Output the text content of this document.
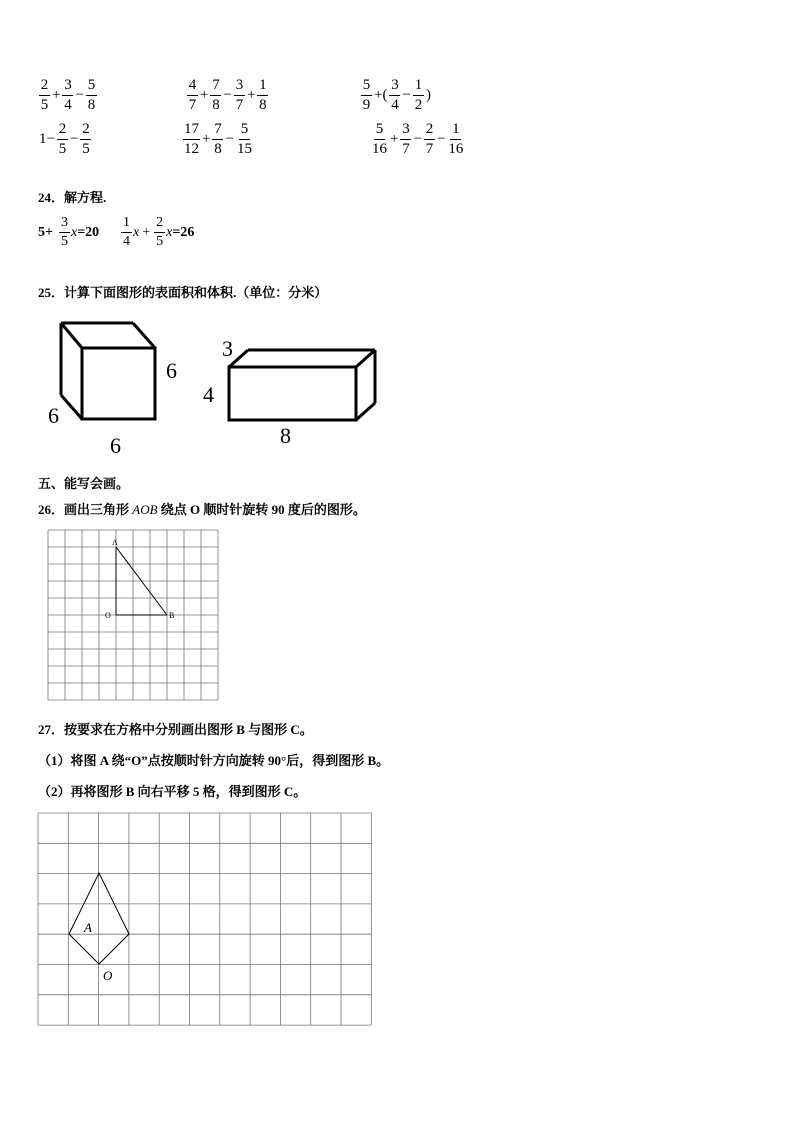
$\frac{2}{5} + \frac{3}{4} - \frac{5}{8}$	$\frac{4}{7} + \frac{7}{8} - \frac{3}{7} + \frac{1}{8}$	$\frac{5}{9}$ +( $\frac{3}{4} - \frac{1}{2}$ )
$1- \frac{2}{5} - \frac{2}{5}$	$\frac{17}{12} + \frac{7}{8} - \frac{5}{15}$	$\frac{5}{16} + \frac{3}{7} - \frac{2}{7} - \frac{1}{16}$
24．解方程.
$5+ \frac{3}{5}$ $x =20 \frac{1}{4}$ $x + \frac{2}{5}$ x =26
25．计算下面图形的表面积和体积.（单位：分米）
6
6
6
3
4
8
五、能写会画。
26．画出三角形 AOB 绕点 O 顺时针旋转 90 度后的图形。
A
O	B
27．按要求在方格中分别画出图形 B 与图形 C。
（1）将图 A 绕“O”点按顺时针方向旋转 90°后，得到图形 B。
（2）再将图形 B 向右平移 5 格，得到图形 C。
A
O
